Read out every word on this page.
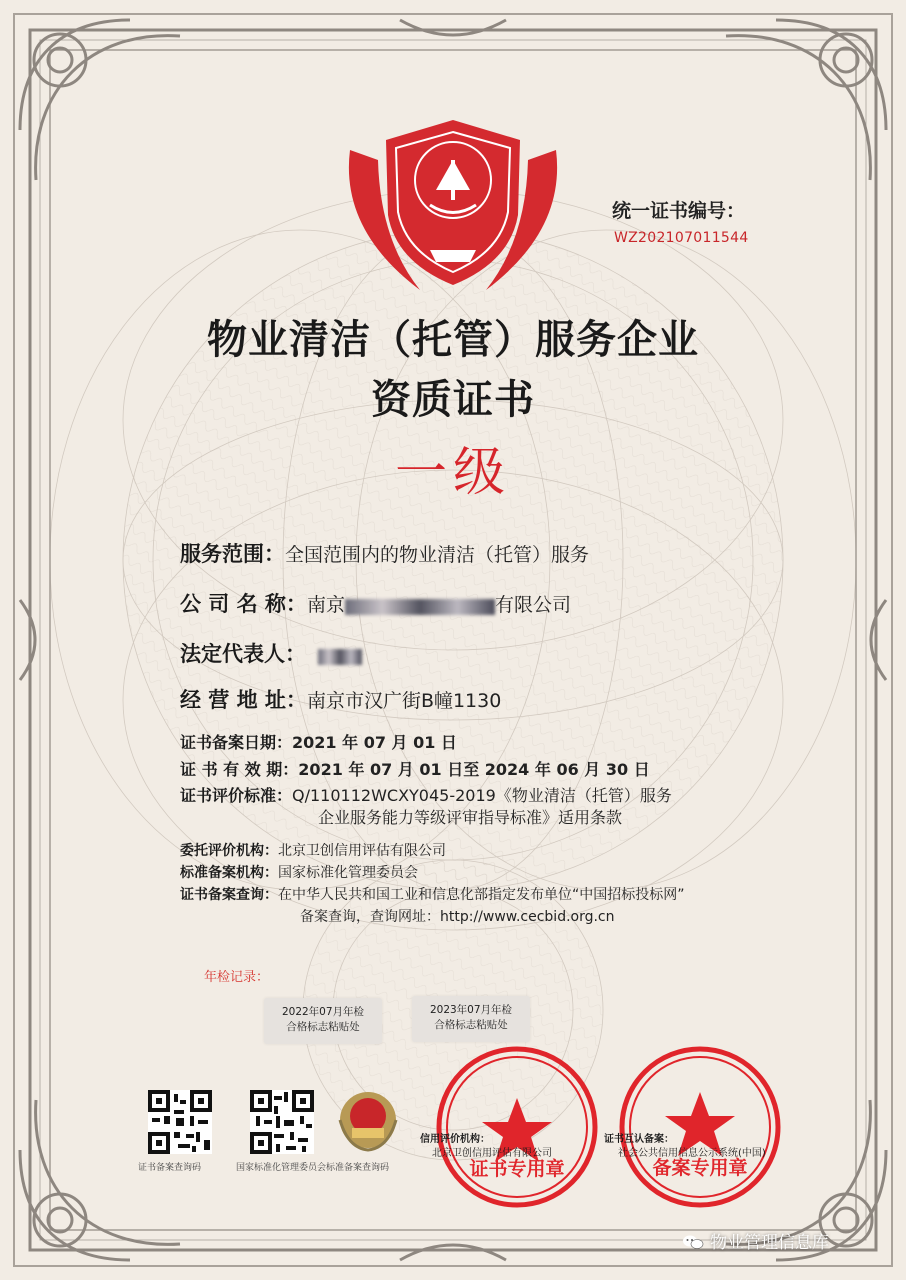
证书专用章	备案专用章
统一证书编号：
WZ202107011544
物业清洁（托管）服务企业
资质证书
一级
服务范围：全国范围内的物业清洁（托管）服务
公 司 名 称：南京	有限公司
法定代表人：
经 营 地 址：南京市汉广街B幢1130
证书备案日期：2021 年 07 月 01 日
证 书 有 效 期：2021 年 07 月 01 日至 2024 年 06 月 30 日
证书评价标准：Q/110112WCXY045-2019《物业清洁（托管）服务
企业服务能力等级评审指导标准》适用条款
委托评价机构：北京卫创信用评估有限公司
标准备案机构：国家标准化管理委员会
证书备案查询：在中华人民共和国工业和信息化部指定发布单位“中国招标投标网”
备案查询，查询网址：http://www.cecbid.org.cn
年检记录：
2022年07月年检
合格标志粘贴处
2023年07月年检
合格标志粘贴处
证书备案查询码	国家标准化管理委员会标准备案查询码
信用评价机构：
北京卫创信用评估有限公司
证书互认备案：
社会公共信用信息公示系统(中国)
物业管理信息库
